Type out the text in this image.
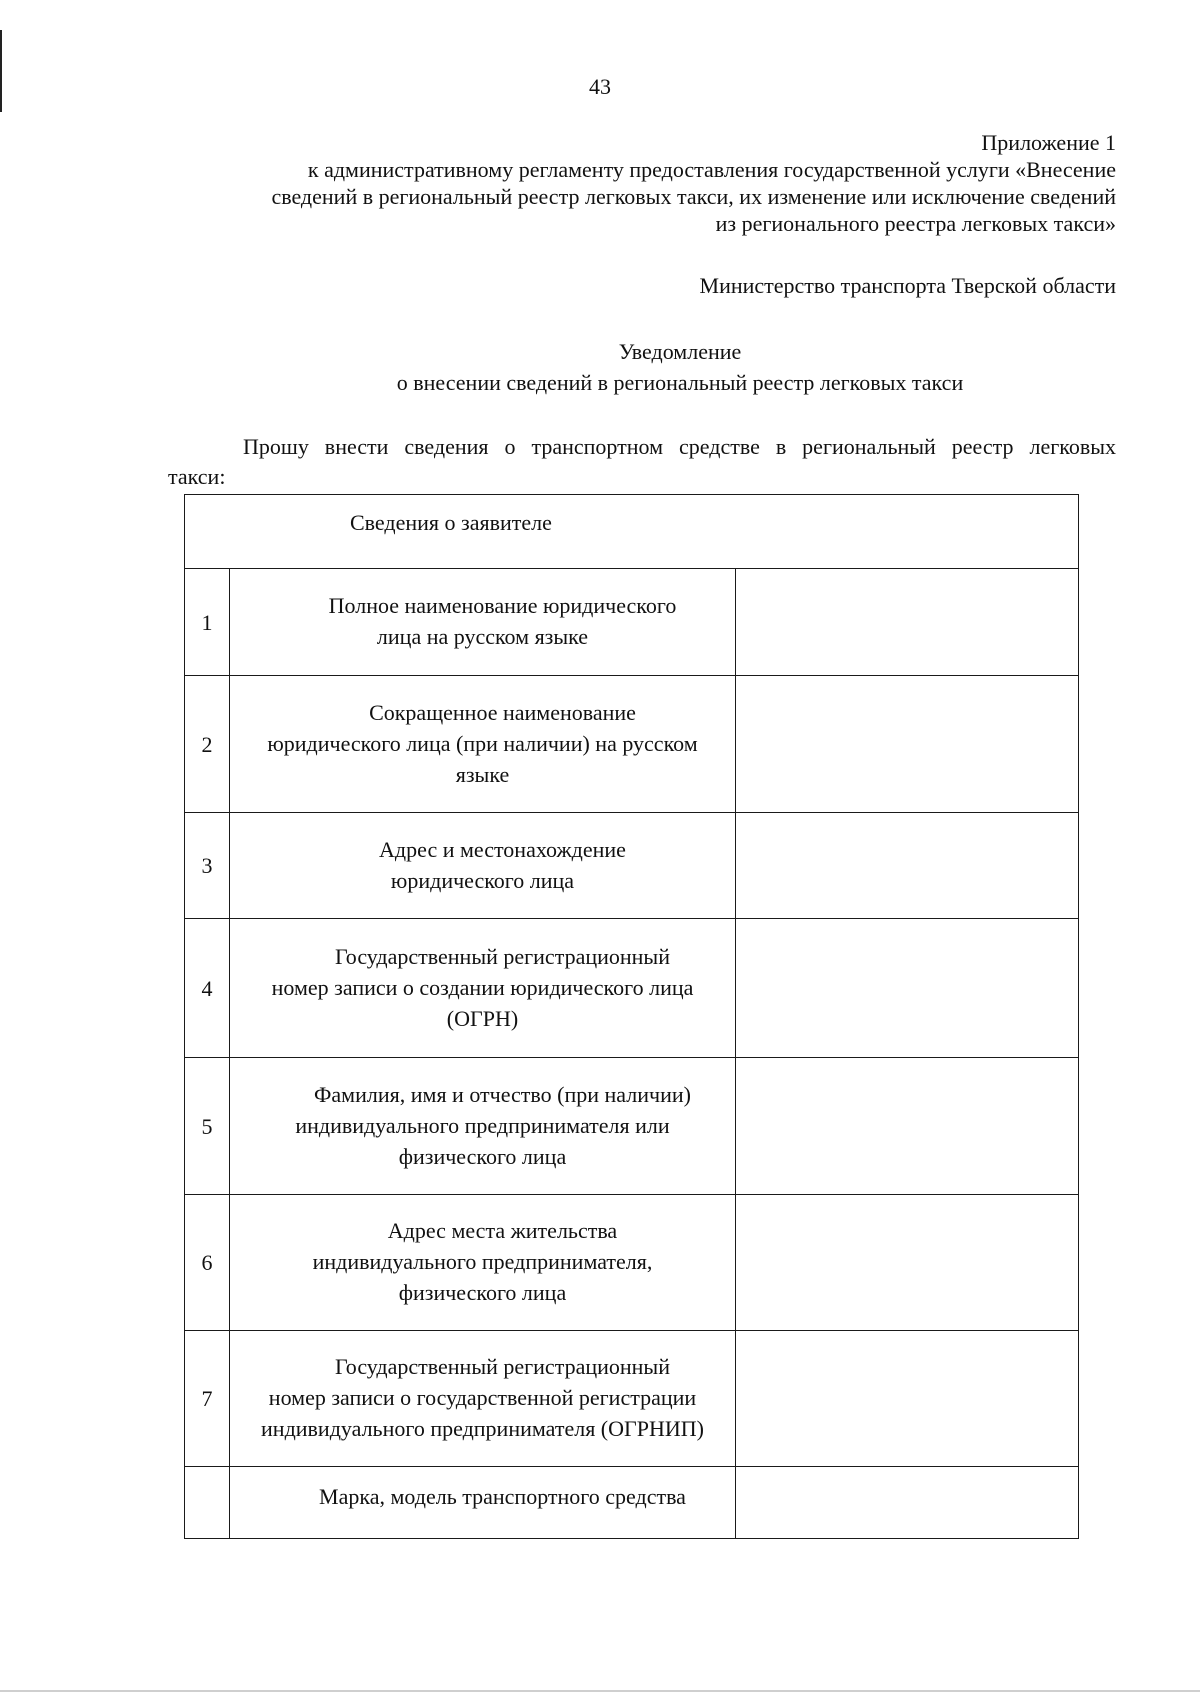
43
Приложение 1
к административному регламенту предоставления государственной услуги «Внесение
сведений в региональный реестр легковых такси, их изменение или исключение сведений
из регионального реестра легковых такси»
Министерство транспорта Тверской области
Уведомление
о внесении сведений в региональный реестр легковых такси
Прошу внести сведения о транспортном средстве в региональный реестр легковых
такси:
Сведения о заявителе		
1	Полное наименование юридического
лица на русском языке	

2	Сокращенное наименование
юридического лица (при наличии) на русском
языке	

3	Адрес и местонахождение
юридического лица	

4	Государственный регистрационный
номер записи о создании юридического лица
(ОГРН)	

5	Фамилия, имя и отчество (при наличии)
индивидуального предпринимателя или
физического лица	

6	Адрес места жительства
индивидуального предпринимателя,
физического лица	

7	Государственный регистрационный
номер записи о государственной регистрации
индивидуального предпринимателя (ОГРНИП)	

	Марка, модель транспортного средства	
